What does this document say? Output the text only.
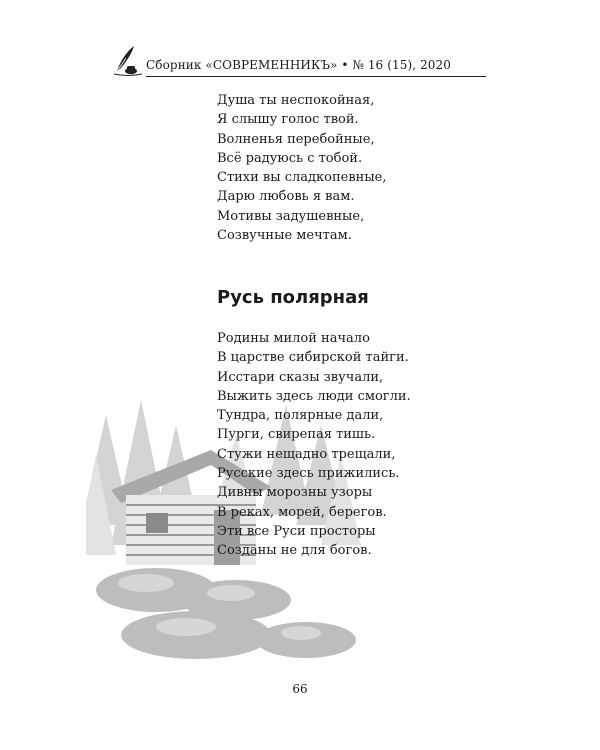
Сборник «СОВРЕМЕННИКЪ» • № 16 (15), 2020
Душа ты неспокойная,
Я слышу голос твой.
Волненья перебойные,
Всё радуюсь с тобой.
Стихи вы сладкопевные,
Дарю любовь я вам.
Мотивы задушевные,
Созвучные мечтам.
Русь полярная
Родины милой начало
В царстве сибирской тайги.
Исстари сказы звучали,
Выжить здесь люди смогли.
Тундра, полярные дали,
Пурги, свирепая тишь.
Стужи нещадно трещали,
Русские здесь прижились.
Дивны морозны узоры
В реках, морей, берегов.
Эти все Руси просторы
Созданы не для богов.
66
